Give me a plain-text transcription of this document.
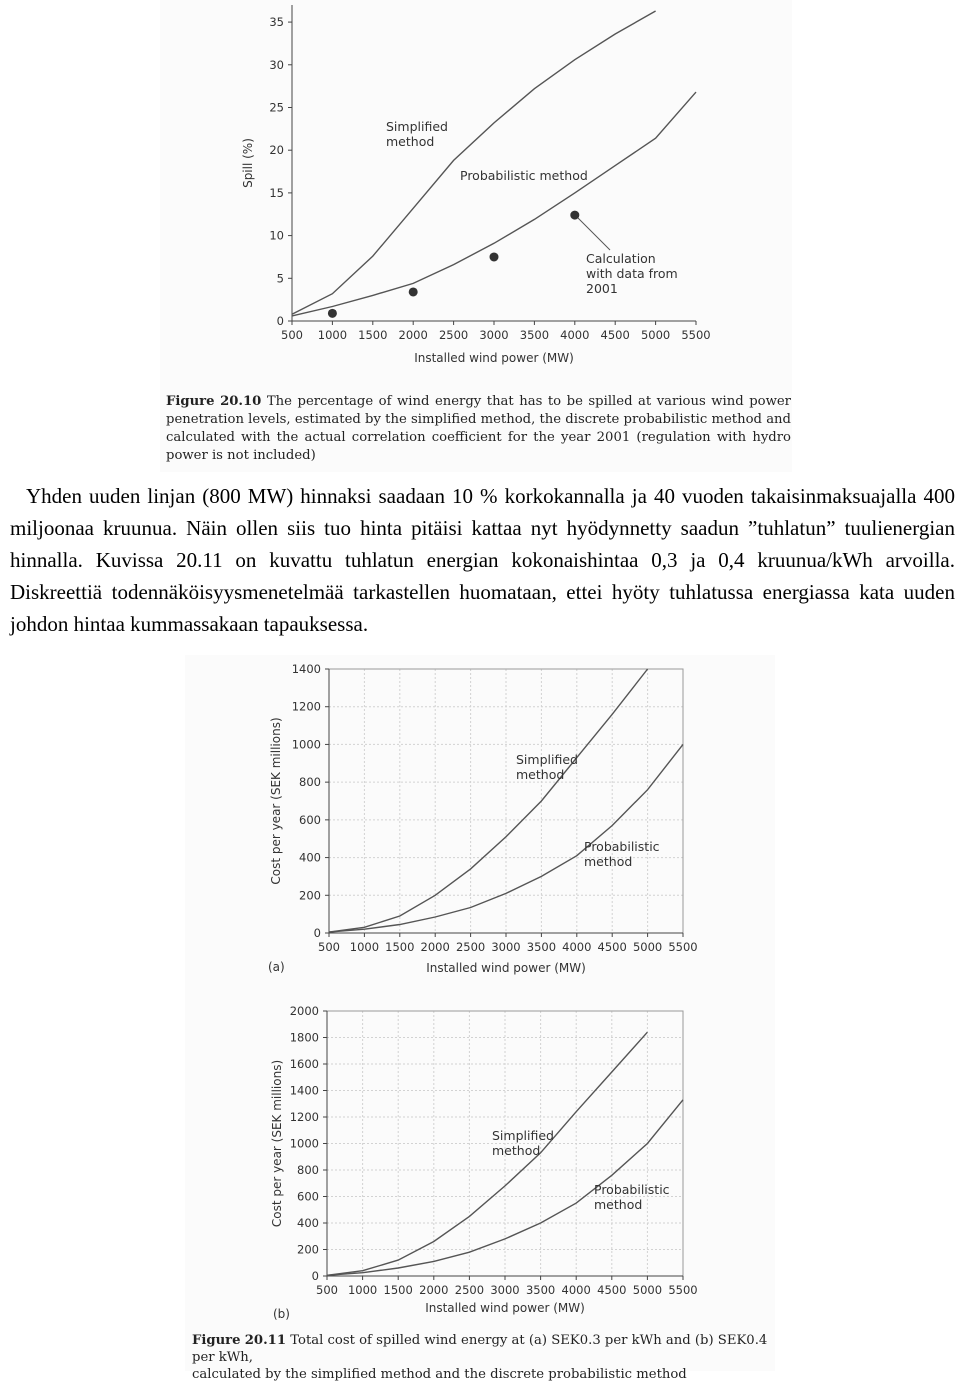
500 1000 1500 2000 2500 3000 3500 4000 4500 5000 5500
0
5
10
15
20
25
30
35
Installed wind power (MW)
Spill (%)
Simplified method
Probabilistic method
Calculation with data from 2001
Figure 20.10 The percentage of wind energy that has to be spilled at various wind power penetration levels, estimated by the simplified method, the discrete probabilistic method and calculated with the actual correlation coefficient for the year 2001 (regulation with hydro power is not included)

Yhden uuden linjan (800 MW) hinnaksi saadaan 10 % korkokannalla ja 40 vuoden takaisinmaksuajalla 400 miljoonaa kruunua. Näin ollen siis tuo hinta pitäisi kattaa nyt hyödynnetty saadun ”tuhlatun” tuulienergian hinnalla. Kuvissa 20.11 on kuvattu tuhlatun energian kokonaishintaa 0,3 ja 0,4 kruunua/kWh arvoilla. Diskreettiä todennäköisyysmenetelmää tarkastellen huomataan, ettei hyöty tuhlatussa energiassa kata uuden johdon hintaa kummassakaan tapauksessa.

500 1000 1500 2000 2500 3000 3500 4000 4500 5000 5500
0
200
400
600
800
1000
1200
1400
Installed wind power (MW)
Cost per year (SEK millions)
(a)
Simplified method
Probabilistic method
500 1000 1500 2000 2500 3000 3500 4000 4500 5000 5500
0
200
400
600
800
1000
1200
1400
1600
1800
2000
Installed wind power (MW)
Cost per year (SEK millions)
(b)
Simplified method
Probabilistic method
Figure 20.11 Total cost of spilled wind energy at (a) SEK0.3 per kWh and (b) SEK0.4 per kWh,
calculated by the simplified method and the discrete probabilistic method
